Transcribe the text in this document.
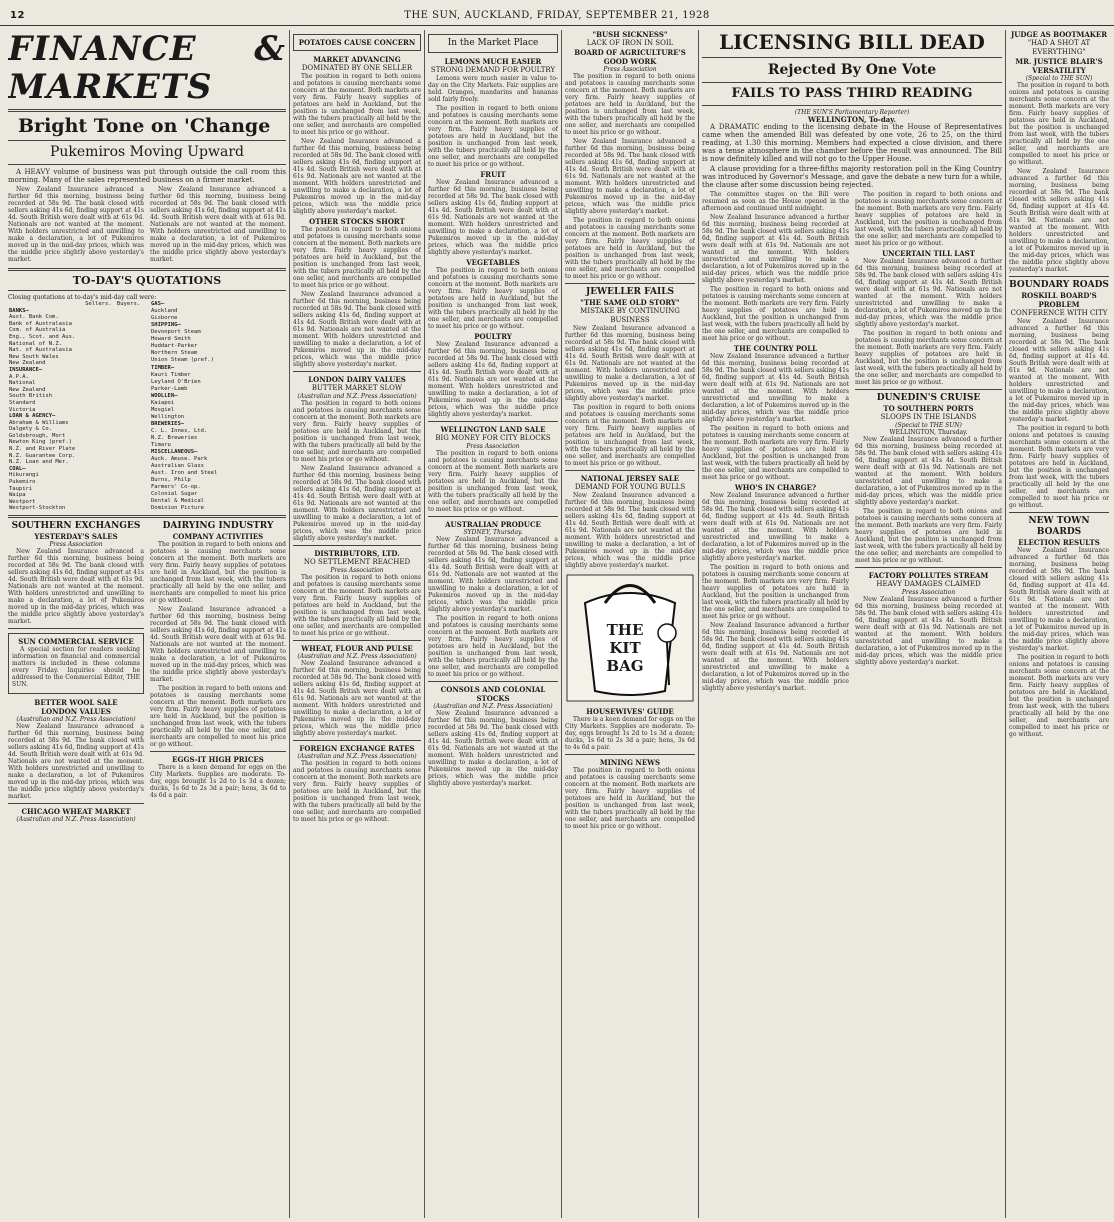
12	THE SUN, AUCKLAND, FRIDAY, SEPTEMBER 21, 1928
FINANCE & MARKETS
Bright Tone on 'Change
Pukemiros Moving Upward
A HEAVY volume of business was put through outside the call room this morning. Many of the sales represented business on a firmer market.
New Zealand Insurance advanced a further 6d this morning, business being recorded at 58s 9d. The bank closed with sellers asking 41s 6d, finding support at 41s 4d. South British were dealt with at 61s 9d. Nationals are not wanted at the moment. With holders unrestricted and unwilling to make a declaration, a lot of Pukemiros moved up in the mid-day prices, which was the middle price slightly above yesterday's market.
New Zealand Insurance advanced a further 6d this morning, business being recorded at 58s 9d. The bank closed with sellers asking 41s 6d, finding support at 41s 4d. South British were dealt with at 61s 9d. Nationals are not wanted at the moment. With holders unrestricted and unwilling to make a declaration, a lot of Pukemiros moved up in the mid-day prices, which was the middle price slightly above yesterday's market.
TO-DAY'S QUOTATIONS
Closing quotations at to-day's mid-day call were:
	Sellers.	Buyers.
BANKS—
Aust. Bank Com.
Bank of Australasia
Com. of Australia
Eng., Scot. and Aus.
National of N.Z.
Nat. of Australasia
New South Wales
New Zealand
INSURANCE—
A.P.A.
National
New Zealand
South British
Standard
Victoria
LOAN & AGENCY—
Abraham & Williams
Dalgety & Co.
Goldsbrough, Mort
Newton King (pref.)
N.Z. and River Plate
N.Z. Guarantee Corp.
N.Z. Loan and Mer.
COAL—
Hikurangi
Pukemiro
Taupiri
Waipa
Westport
Westport-Stockton
GAS—
Auckland
Gisborne
SHIPPING—
Devonport Steam
Howard Smith
Huddart-Parker
Northern Steam
Union Steam (pref.)
TIMBER—
Kauri Timber
Leyland O'Brien
Parker-Lamb
WOOLLEN—
Kaiapoi
Mosgiel
Wellington
BREWERIES—
C. L. Innes, Ltd.
N.Z. Breweries
Timaru
MISCELLANEOUS—
Auck. Amuse. Park
Australian Glass
Aust. Iron and Steel
Burns, Philp
Farmers' Co-op.
Colonial Sugar
Dental & Medical
Dominion Picture
SOUTHERN EXCHANGES
YESTERDAY'S SALES
Press Association
New Zealand Insurance advanced a further 6d this morning, business being recorded at 58s 9d. The bank closed with sellers asking 41s 6d, finding support at 41s 4d. South British were dealt with at 61s 9d. Nationals are not wanted at the moment. With holders unrestricted and unwilling to make a declaration, a lot of Pukemiros moved up in the mid-day prices, which was the middle price slightly above yesterday's market.
SUN COMMERCIAL SERVICE
A special section for readers seeking information on financial and commercial matters is included in these columns every Friday. Inquiries should be addressed to the Commercial Editor, THE SUN.
BETTER WOOL SALE
LONDON VALUES
(Australian and N.Z. Press Association)
New Zealand Insurance advanced a further 6d this morning, business being recorded at 58s 9d. The bank closed with sellers asking 41s 6d, finding support at 41s 4d. South British were dealt with at 61s 9d. Nationals are not wanted at the moment. With holders unrestricted and unwilling to make a declaration, a lot of Pukemiros moved up in the mid-day prices, which was the middle price slightly above yesterday's market.
CHICAGO WHEAT MARKET
(Australian and N.Z. Press Association)
DAIRYING INDUSTRY
COMPANY ACTIVITIES
The position in regard to both onions and potatoes is causing merchants some concern at the moment. Both markets are very firm. Fairly heavy supplies of potatoes are held in Auckland, but the position is unchanged from last week, with the tubers practically all held by the one seller, and merchants are compelled to meet his price or go without.
New Zealand Insurance advanced a further 6d this morning, business being recorded at 58s 9d. The bank closed with sellers asking 41s 6d, finding support at 41s 4d. South British were dealt with at 61s 9d. Nationals are not wanted at the moment. With holders unrestricted and unwilling to make a declaration, a lot of Pukemiros moved up in the mid-day prices, which was the middle price slightly above yesterday's market.
The position in regard to both onions and potatoes is causing merchants some concern at the moment. Both markets are very firm. Fairly heavy supplies of potatoes are held in Auckland, but the position is unchanged from last week, with the tubers practically all held by the one seller, and merchants are compelled to meet his price or go without.
EGGS-IT HIGH PRICES
There is a keen demand for eggs on the City Markets. Supplies are moderate. To-day, eggs brought 1s 2d to 1s 3d a dozen; ducks, 1s 6d to 2s 3d a pair; hens, 3s 6d to 4s 6d a pair.
POTATOES CAUSE CONCERN
MARKET ADVANCING
DOMINATED BY ONE SELLER
The position in regard to both onions and potatoes is causing merchants some concern at the moment. Both markets are very firm. Fairly heavy supplies of potatoes are held in Auckland, but the position is unchanged from last week, with the tubers practically all held by the one seller, and merchants are compelled to meet his price or go without.
New Zealand Insurance advanced a further 6d this morning, business being recorded at 58s 9d. The bank closed with sellers asking 41s 6d, finding support at 41s 4d. South British were dealt with at 61s 9d. Nationals are not wanted at the moment. With holders unrestricted and unwilling to make a declaration, a lot of Pukemiros moved up in the mid-day prices, which was the middle price slightly above yesterday's market.
OTHER STOCKS SHORT
The position in regard to both onions and potatoes is causing merchants some concern at the moment. Both markets are very firm. Fairly heavy supplies of potatoes are held in Auckland, but the position is unchanged from last week, with the tubers practically all held by the one seller, and merchants are compelled to meet his price or go without.
New Zealand Insurance advanced a further 6d this morning, business being recorded at 58s 9d. The bank closed with sellers asking 41s 6d, finding support at 41s 4d. South British were dealt with at 61s 9d. Nationals are not wanted at the moment. With holders unrestricted and unwilling to make a declaration, a lot of Pukemiros moved up in the mid-day prices, which was the middle price slightly above yesterday's market.
LONDON DAIRY VALUES
BUTTER MARKET SLOW
(Australian and N.Z. Press Association)
The position in regard to both onions and potatoes is causing merchants some concern at the moment. Both markets are very firm. Fairly heavy supplies of potatoes are held in Auckland, but the position is unchanged from last week, with the tubers practically all held by the one seller, and merchants are compelled to meet his price or go without.
New Zealand Insurance advanced a further 6d this morning, business being recorded at 58s 9d. The bank closed with sellers asking 41s 6d, finding support at 41s 4d. South British were dealt with at 61s 9d. Nationals are not wanted at the moment. With holders unrestricted and unwilling to make a declaration, a lot of Pukemiros moved up in the mid-day prices, which was the middle price slightly above yesterday's market.
DISTRIBUTORS, LTD.
NO SETTLEMENT REACHED
Press Association
The position in regard to both onions and potatoes is causing merchants some concern at the moment. Both markets are very firm. Fairly heavy supplies of potatoes are held in Auckland, but the position is unchanged from last week, with the tubers practically all held by the one seller, and merchants are compelled to meet his price or go without.
WHEAT, FLOUR AND PULSE
(Australian and N.Z. Press Association)
New Zealand Insurance advanced a further 6d this morning, business being recorded at 58s 9d. The bank closed with sellers asking 41s 6d, finding support at 41s 4d. South British were dealt with at 61s 9d. Nationals are not wanted at the moment. With holders unrestricted and unwilling to make a declaration, a lot of Pukemiros moved up in the mid-day prices, which was the middle price slightly above yesterday's market.
FOREIGN EXCHANGE RATES
(Australian and N.Z. Press Association)
The position in regard to both onions and potatoes is causing merchants some concern at the moment. Both markets are very firm. Fairly heavy supplies of potatoes are held in Auckland, but the position is unchanged from last week, with the tubers practically all held by the one seller, and merchants are compelled to meet his price or go without.
In the Market Place
LEMONS MUCH EASIER
STRONG DEMAND FOR POULTRY
Lemons were much easier in value to-day on the City Markets. Fair supplies are held. Oranges, mandarins and bananas sold fairly freely.
The position in regard to both onions and potatoes is causing merchants some concern at the moment. Both markets are very firm. Fairly heavy supplies of potatoes are held in Auckland, but the position is unchanged from last week, with the tubers practically all held by the one seller, and merchants are compelled to meet his price or go without.
FRUIT
New Zealand Insurance advanced a further 6d this morning, business being recorded at 58s 9d. The bank closed with sellers asking 41s 6d, finding support at 41s 4d. South British were dealt with at 61s 9d. Nationals are not wanted at the moment. With holders unrestricted and unwilling to make a declaration, a lot of Pukemiros moved up in the mid-day prices, which was the middle price slightly above yesterday's market.
VEGETABLES
The position in regard to both onions and potatoes is causing merchants some concern at the moment. Both markets are very firm. Fairly heavy supplies of potatoes are held in Auckland, but the position is unchanged from last week, with the tubers practically all held by the one seller, and merchants are compelled to meet his price or go without.
POULTRY
New Zealand Insurance advanced a further 6d this morning, business being recorded at 58s 9d. The bank closed with sellers asking 41s 6d, finding support at 41s 4d. South British were dealt with at 61s 9d. Nationals are not wanted at the moment. With holders unrestricted and unwilling to make a declaration, a lot of Pukemiros moved up in the mid-day prices, which was the middle price slightly above yesterday's market.
WELLINGTON LAND SALE
BIG MONEY FOR CITY BLOCKS
Press Association
The position in regard to both onions and potatoes is causing merchants some concern at the moment. Both markets are very firm. Fairly heavy supplies of potatoes are held in Auckland, but the position is unchanged from last week, with the tubers practically all held by the one seller, and merchants are compelled to meet his price or go without.
AUSTRALIAN PRODUCE
SYDNEY, Thursday.
New Zealand Insurance advanced a further 6d this morning, business being recorded at 58s 9d. The bank closed with sellers asking 41s 6d, finding support at 41s 4d. South British were dealt with at 61s 9d. Nationals are not wanted at the moment. With holders unrestricted and unwilling to make a declaration, a lot of Pukemiros moved up in the mid-day prices, which was the middle price slightly above yesterday's market.
The position in regard to both onions and potatoes is causing merchants some concern at the moment. Both markets are very firm. Fairly heavy supplies of potatoes are held in Auckland, but the position is unchanged from last week, with the tubers practically all held by the one seller, and merchants are compelled to meet his price or go without.
CONSOLS AND COLONIAL STOCKS
(Australian and N.Z. Press Association)
New Zealand Insurance advanced a further 6d this morning, business being recorded at 58s 9d. The bank closed with sellers asking 41s 6d, finding support at 41s 4d. South British were dealt with at 61s 9d. Nationals are not wanted at the moment. With holders unrestricted and unwilling to make a declaration, a lot of Pukemiros moved up in the mid-day prices, which was the middle price slightly above yesterday's market.
"BUSH SICKNESS"
LACK OF IRON IN SOIL
BOARD OF AGRICULTURE'S GOOD WORK
Press Association
The position in regard to both onions and potatoes is causing merchants some concern at the moment. Both markets are very firm. Fairly heavy supplies of potatoes are held in Auckland, but the position is unchanged from last week, with the tubers practically all held by the one seller, and merchants are compelled to meet his price or go without.
New Zealand Insurance advanced a further 6d this morning, business being recorded at 58s 9d. The bank closed with sellers asking 41s 6d, finding support at 41s 4d. South British were dealt with at 61s 9d. Nationals are not wanted at the moment. With holders unrestricted and unwilling to make a declaration, a lot of Pukemiros moved up in the mid-day prices, which was the middle price slightly above yesterday's market.
The position in regard to both onions and potatoes is causing merchants some concern at the moment. Both markets are very firm. Fairly heavy supplies of potatoes are held in Auckland, but the position is unchanged from last week, with the tubers practically all held by the one seller, and merchants are compelled to meet his price or go without.
JEWELLER FAILS
"THE SAME OLD STORY"
MISTAKE BY CONTINUING BUSINESS
New Zealand Insurance advanced a further 6d this morning, business being recorded at 58s 9d. The bank closed with sellers asking 41s 6d, finding support at 41s 4d. South British were dealt with at 61s 9d. Nationals are not wanted at the moment. With holders unrestricted and unwilling to make a declaration, a lot of Pukemiros moved up in the mid-day prices, which was the middle price slightly above yesterday's market.
The position in regard to both onions and potatoes is causing merchants some concern at the moment. Both markets are very firm. Fairly heavy supplies of potatoes are held in Auckland, but the position is unchanged from last week, with the tubers practically all held by the one seller, and merchants are compelled to meet his price or go without.
NATIONAL JERSEY SALE
DEMAND FOR YOUNG BULLS
New Zealand Insurance advanced a further 6d this morning, business being recorded at 58s 9d. The bank closed with sellers asking 41s 6d, finding support at 41s 4d. South British were dealt with at 61s 9d. Nationals are not wanted at the moment. With holders unrestricted and unwilling to make a declaration, a lot of Pukemiros moved up in the mid-day prices, which was the middle price slightly above yesterday's market.
THE KIT BAG
HOUSEWIVES' GUIDE
There is a keen demand for eggs on the City Markets. Supplies are moderate. To-day, eggs brought 1s 2d to 1s 3d a dozen; ducks, 1s 6d to 2s 3d a pair; hens, 3s 6d to 4s 6d a pair.
MINING NEWS
The position in regard to both onions and potatoes is causing merchants some concern at the moment. Both markets are very firm. Fairly heavy supplies of potatoes are held in Auckland, but the position is unchanged from last week, with the tubers practically all held by the one seller, and merchants are compelled to meet his price or go without.
LICENSING BILL DEAD
Rejected By One Vote
FAILS TO PASS THIRD READING
(THE SUN'S Parliamentary Reporter)
WELLINGTON, To-day.
A DRAMATIC ending to the licensing debate in the House of Representatives came when the amended Bill was defeated by one vote, 26 to 25, on the third reading, at 1.30 this morning. Members had expected a close division, and there was a tense atmosphere in the chamber before the result was announced. The Bill is now definitely killed and will not go to the Upper House.
A clause providing for a three-fifths majority restoration poll in the King Country was introduced by Governor's Message, and gave the debate a new turn for a while, the clause after some discussion being rejected.
The committee stages on the Bill were resumed as soon as the House opened in the afternoon and continued until midnight.
New Zealand Insurance advanced a further 6d this morning, business being recorded at 58s 9d. The bank closed with sellers asking 41s 6d, finding support at 41s 4d. South British were dealt with at 61s 9d. Nationals are not wanted at the moment. With holders unrestricted and unwilling to make a declaration, a lot of Pukemiros moved up in the mid-day prices, which was the middle price slightly above yesterday's market.
The position in regard to both onions and potatoes is causing merchants some concern at the moment. Both markets are very firm. Fairly heavy supplies of potatoes are held in Auckland, but the position is unchanged from last week, with the tubers practically all held by the one seller, and merchants are compelled to meet his price or go without.
THE COUNTRY POLL
New Zealand Insurance advanced a further 6d this morning, business being recorded at 58s 9d. The bank closed with sellers asking 41s 6d, finding support at 41s 4d. South British were dealt with at 61s 9d. Nationals are not wanted at the moment. With holders unrestricted and unwilling to make a declaration, a lot of Pukemiros moved up in the mid-day prices, which was the middle price slightly above yesterday's market.
The position in regard to both onions and potatoes is causing merchants some concern at the moment. Both markets are very firm. Fairly heavy supplies of potatoes are held in Auckland, but the position is unchanged from last week, with the tubers practically all held by the one seller, and merchants are compelled to meet his price or go without.
WHO'S IN CHARGE?
New Zealand Insurance advanced a further 6d this morning, business being recorded at 58s 9d. The bank closed with sellers asking 41s 6d, finding support at 41s 4d. South British were dealt with at 61s 9d. Nationals are not wanted at the moment. With holders unrestricted and unwilling to make a declaration, a lot of Pukemiros moved up in the mid-day prices, which was the middle price slightly above yesterday's market.
The position in regard to both onions and potatoes is causing merchants some concern at the moment. Both markets are very firm. Fairly heavy supplies of potatoes are held in Auckland, but the position is unchanged from last week, with the tubers practically all held by the one seller, and merchants are compelled to meet his price or go without.
New Zealand Insurance advanced a further 6d this morning, business being recorded at 58s 9d. The bank closed with sellers asking 41s 6d, finding support at 41s 4d. South British were dealt with at 61s 9d. Nationals are not wanted at the moment. With holders unrestricted and unwilling to make a declaration, a lot of Pukemiros moved up in the mid-day prices, which was the middle price slightly above yesterday's market.
The position in regard to both onions and potatoes is causing merchants some concern at the moment. Both markets are very firm. Fairly heavy supplies of potatoes are held in Auckland, but the position is unchanged from last week, with the tubers practically all held by the one seller, and merchants are compelled to meet his price or go without.
UNCERTAIN TILL LAST
New Zealand Insurance advanced a further 6d this morning, business being recorded at 58s 9d. The bank closed with sellers asking 41s 6d, finding support at 41s 4d. South British were dealt with at 61s 9d. Nationals are not wanted at the moment. With holders unrestricted and unwilling to make a declaration, a lot of Pukemiros moved up in the mid-day prices, which was the middle price slightly above yesterday's market.
The position in regard to both onions and potatoes is causing merchants some concern at the moment. Both markets are very firm. Fairly heavy supplies of potatoes are held in Auckland, but the position is unchanged from last week, with the tubers practically all held by the one seller, and merchants are compelled to meet his price or go without.
DUNEDIN'S CRUISE
TO SOUTHERN PORTS
SLOOPS IN THE ISLANDS
(Special to THE SUN)
WELLINGTON, Thursday.
New Zealand Insurance advanced a further 6d this morning, business being recorded at 58s 9d. The bank closed with sellers asking 41s 6d, finding support at 41s 4d. South British were dealt with at 61s 9d. Nationals are not wanted at the moment. With holders unrestricted and unwilling to make a declaration, a lot of Pukemiros moved up in the mid-day prices, which was the middle price slightly above yesterday's market.
The position in regard to both onions and potatoes is causing merchants some concern at the moment. Both markets are very firm. Fairly heavy supplies of potatoes are held in Auckland, but the position is unchanged from last week, with the tubers practically all held by the one seller, and merchants are compelled to meet his price or go without.
FACTORY POLLUTES STREAM
HEAVY DAMAGES CLAIMED
Press Association
New Zealand Insurance advanced a further 6d this morning, business being recorded at 58s 9d. The bank closed with sellers asking 41s 6d, finding support at 41s 4d. South British were dealt with at 61s 9d. Nationals are not wanted at the moment. With holders unrestricted and unwilling to make a declaration, a lot of Pukemiros moved up in the mid-day prices, which was the middle price slightly above yesterday's market.
JUDGE AS BOOTMAKER
"HAD A SHOT AT EVERYTHING"
MR. JUSTICE BLAIR'S VERSATILITY
(Special to THE SUN)
The position in regard to both onions and potatoes is causing merchants some concern at the moment. Both markets are very firm. Fairly heavy supplies of potatoes are held in Auckland, but the position is unchanged from last week, with the tubers practically all held by the one seller, and merchants are compelled to meet his price or go without.
New Zealand Insurance advanced a further 6d this morning, business being recorded at 58s 9d. The bank closed with sellers asking 41s 6d, finding support at 41s 4d. South British were dealt with at 61s 9d. Nationals are not wanted at the moment. With holders unrestricted and unwilling to make a declaration, a lot of Pukemiros moved up in the mid-day prices, which was the middle price slightly above yesterday's market.
BOUNDARY ROADS
ROSKILL BOARD'S PROBLEM
CONFERENCE WITH CITY
New Zealand Insurance advanced a further 6d this morning, business being recorded at 58s 9d. The bank closed with sellers asking 41s 6d, finding support at 41s 4d. South British were dealt with at 61s 9d. Nationals are not wanted at the moment. With holders unrestricted and unwilling to make a declaration, a lot of Pukemiros moved up in the mid-day prices, which was the middle price slightly above yesterday's market.
The position in regard to both onions and potatoes is causing merchants some concern at the moment. Both markets are very firm. Fairly heavy supplies of potatoes are held in Auckland, but the position is unchanged from last week, with the tubers practically all held by the one seller, and merchants are compelled to meet his price or go without.
NEW TOWN BOARDS
ELECTION RESULTS
New Zealand Insurance advanced a further 6d this morning, business being recorded at 58s 9d. The bank closed with sellers asking 41s 6d, finding support at 41s 4d. South British were dealt with at 61s 9d. Nationals are not wanted at the moment. With holders unrestricted and unwilling to make a declaration, a lot of Pukemiros moved up in the mid-day prices, which was the middle price slightly above yesterday's market.
The position in regard to both onions and potatoes is causing merchants some concern at the moment. Both markets are very firm. Fairly heavy supplies of potatoes are held in Auckland, but the position is unchanged from last week, with the tubers practically all held by the one seller, and merchants are compelled to meet his price or go without.
